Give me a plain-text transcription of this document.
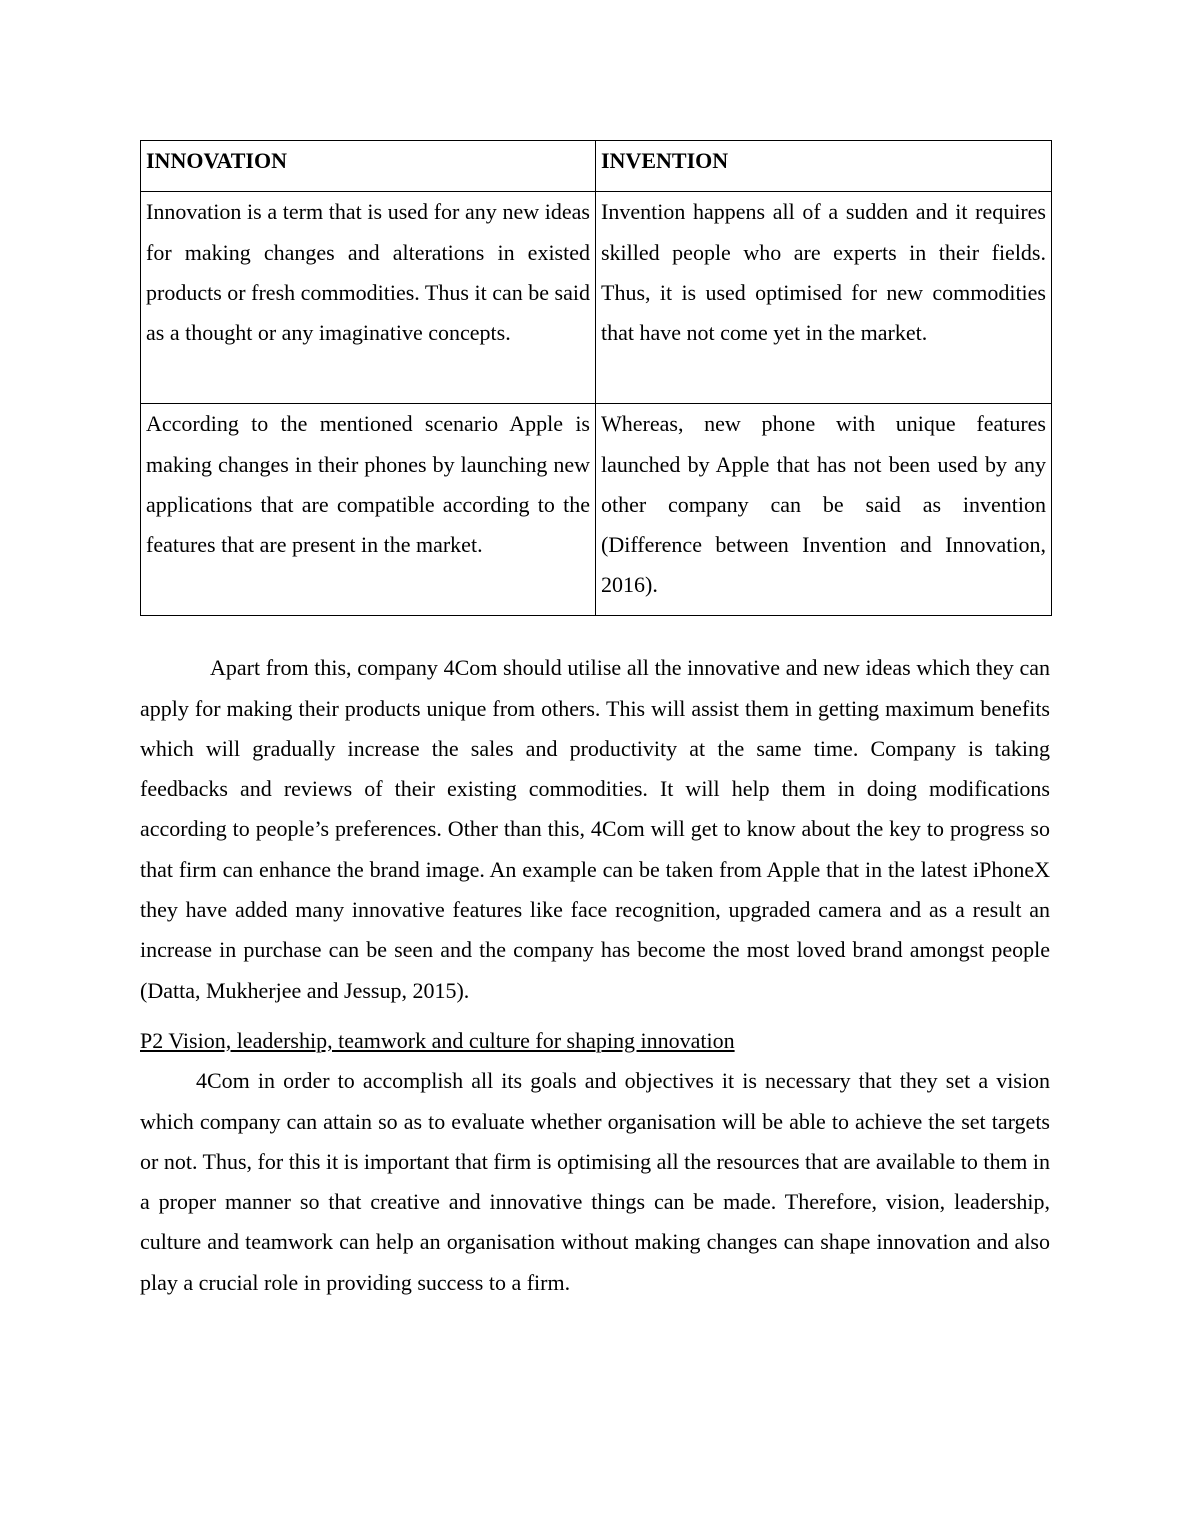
INNOVATION	INVENTION
Innovation is a term that is used for any new ideas for making changes and alterations in existed products or fresh commodities. Thus it can be said as a thought or any imaginative concepts.	Invention happens all of a sudden and it requires skilled people who are experts in their fields. Thus, it is used optimised for new commodities that have not come yet in the market.
According to the mentioned scenario Apple is making changes in their phones by launching new applications that are compatible according to the features that are present in the market.	Whereas, new phone with unique features launched by Apple that has not been used by any other company can be said as invention (Difference between Invention and Innovation, 2016).

Apart from this, company 4Com should utilise all the innovative and new ideas which they can apply for making their products unique from others. This will assist them in getting maximum benefits which will gradually increase the sales and productivity at the same time. Company is taking feedbacks and reviews of their existing commodities. It will help them in doing modifications according to people’s preferences. Other than this, 4Com will get to know about the key to progress so that firm can enhance the brand image. An example can be taken from Apple that in the latest iPhoneX they have added many innovative features like face recognition, upgraded camera and as a result an increase in purchase can be seen and the company has become the most loved brand amongst people (Datta, Mukherjee and Jessup, 2015).

P2 Vision, leadership, teamwork and culture for shaping innovation

4Com in order to accomplish all its goals and objectives it is necessary that they set a vision which company can attain so as to evaluate whether organisation will be able to achieve the set targets or not. Thus, for this it is important that firm is optimising all the resources that are available to them in a proper manner so that creative and innovative things can be made. Therefore, vision, leadership, culture and teamwork can help an organisation without making changes can shape innovation and also play a crucial role in providing success to a firm.
